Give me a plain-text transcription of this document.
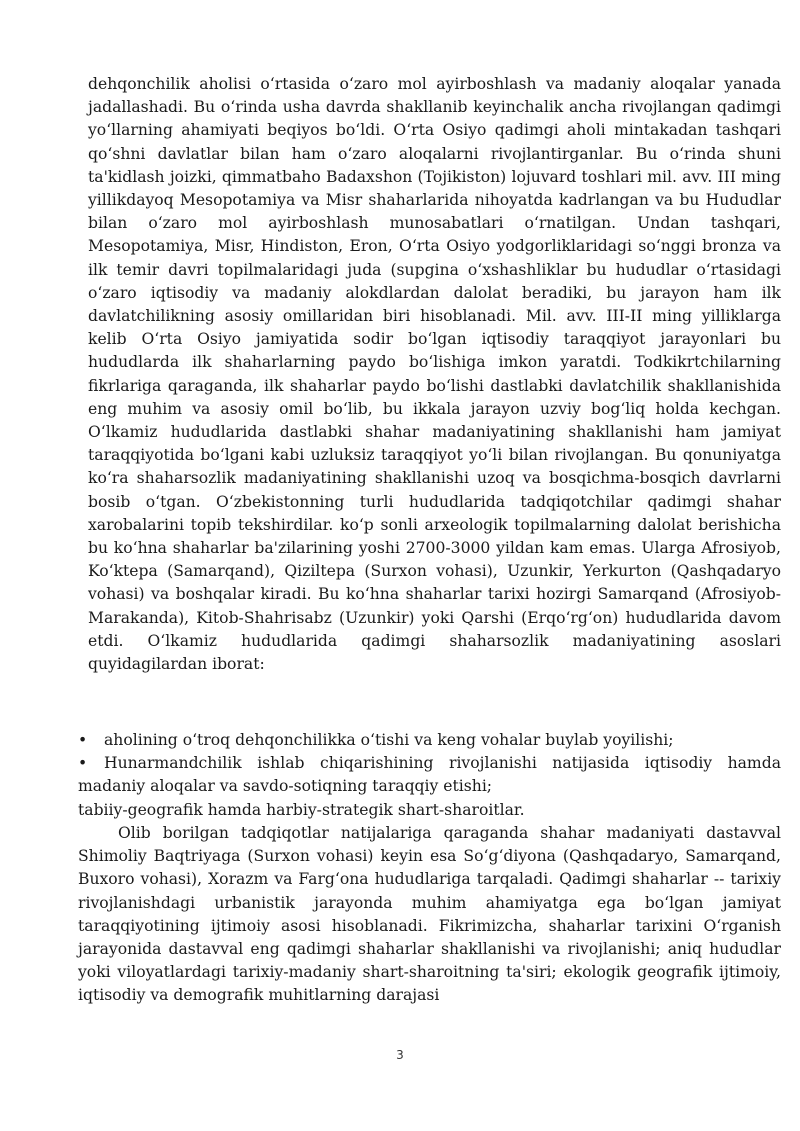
dehqonchilik aholisi o‘rtasida o‘zaro mol ayirboshlash va madaniy aloqalar yanada jadallashadi. Bu o‘rinda usha davrda shakllanib keyinchalik ancha rivojlangan qadimgi yo‘llarning ahamiyati beqiyos bo‘ldi. O‘rta Osiyo qadimgi aholi mintakadan tashqari qo‘shni davlatlar bilan ham o‘zaro aloqalarni rivojlantirganlar. Bu o‘rinda shuni ta'kidlash joizki, qimmatbaho Badaxshon (Tojikiston) lojuvard toshlari mil. avv. III ming yillikdayoq Mesopotamiya va Misr shaharlarida nihoyatda kadrlangan va bu Hududlar bilan o‘zaro mol ayirboshlash munosabatlari o‘rnatilgan. Undan tashqari, Mesopotamiya, Misr, Hindiston, Eron, O‘rta Osiyo yodgorliklaridagi so‘nggi bronza va ilk temir davri topilmalaridagi juda (supgina o‘xshashliklar bu hududlar o‘rtasidagi o‘zaro iqtisodiy va madaniy alokdlardan dalolat beradiki, bu jarayon ham ilk davlatchilikning asosiy omillaridan biri hisoblanadi. Mil. avv. III-II ming yilliklarga kelib O‘rta Osiyo jamiyatida sodir bo‘lgan iqtisodiy taraqqiyot jarayonlari bu hududlarda ilk shaharlarning paydo bo‘lishiga imkon yaratdi. Todkikrtchilarning fikrlariga qaraganda, ilk shaharlar paydo bo‘lishi dastlabki davlatchilik shakllanishida eng muhim va asosiy omil bo‘lib, bu ikkala jarayon uzviy bog‘liq holda kechgan. O‘lkamiz hududlarida dastlabki shahar madaniyatining shakllanishi ham jamiyat taraqqiyotida bo‘lgani kabi uzluksiz taraqqiyot yo‘li bilan rivojlangan. Bu qonuniyatga ko‘ra shaharsozlik madaniyatining shakllanishi uzoq va bosqichma-bosqich davrlarni bosib o‘tgan. O‘zbekistonning turli hududlarida tadqiqotchilar qadimgi shahar xarobalarini topib tekshirdilar. ko‘p sonli arxeologik topilmalarning dalolat berishicha bu ko‘hna shaharlar ba'zilarining yoshi 2700-3000 yildan kam emas. Ularga Afrosiyob, Ko‘ktepa (Samarqand), Qiziltepa (Surxon vohasi), Uzunkir, Yerkurton (Qashqadaryo vohasi) va boshqalar kiradi. Bu ko‘hna shaharlar tarixi hozirgi Samarqand (Afrosiyob-Marakanda), Kitob-Shahrisabz (Uzunkir) yoki Qarshi (Erqo‘rg‘on) hududlarida davom etdi. O‘lkamiz hududlarida qadimgi shaharsozlik madaniyatining asoslari quyidagilardan iborat:

• aholining o‘troq dehqonchilikka o‘tishi va keng vohalar buylab yoyilishi;

• Hunarmandchilik ishlab chiqarishining rivojlanishi natijasida iqtisodiy hamda madaniy aloqalar va savdo-sotiqning taraqqiy etishi;

tabiiy-geografik hamda harbiy-strategik shart-sharoitlar.

Olib borilgan tadqiqotlar natijalariga qaraganda shahar madaniyati dastavval Shimoliy Baqtriyaga (Surxon vohasi) keyin esa So‘g‘diyona (Qashqadaryo, Samarqand, Buxoro vohasi), Xorazm va Farg‘ona hududlariga tarqaladi. Qadimgi shaharlar -- tarixiy rivojlanishdagi urbanistik jarayonda muhim ahamiyatga ega bo‘lgan jamiyat taraqqiyotining ijtimoiy asosi hisoblanadi. Fikrimizcha, shaharlar tarixini O‘rganish jarayonida dastavval eng qadimgi shaharlar shakllanishi va rivojlanishi; aniq hududlar yoki viloyatlardagi tarixiy-madaniy shart-sharoitning ta'siri; ekologik geografik ijtimoiy, iqtisodiy va demografik muhitlarning darajasi

3
